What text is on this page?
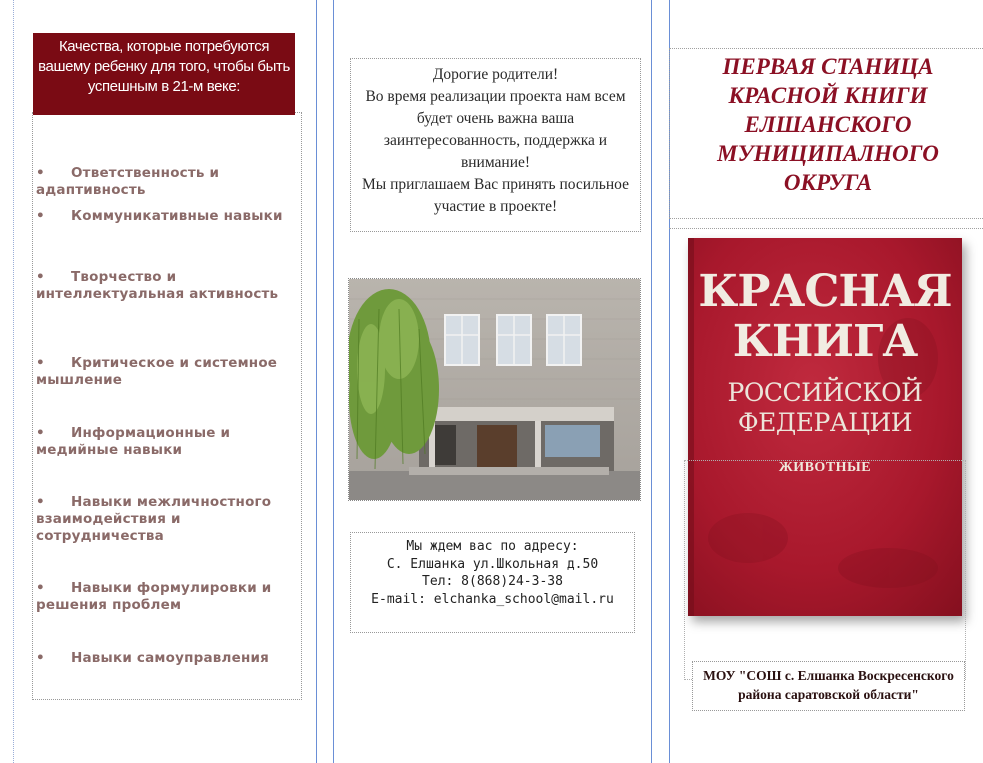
Качества, которые потребуются вашему ребенку для того, чтобы быть успешным в 21-м веке:
• Ответственность и адаптивность
• Коммуникативные навыки
• Творчество и интеллектуальная активность
• Критическое и системное мышление
• Информационные и медийные навыки
• Навыки межличностного взаимодействия и сотрудничества
• Навыки формулировки и решения проблем
• Навыки самоуправления
Дорогие родители!
Во время реализации проекта нам всем будет очень важна ваша заинтересованность, поддержка и внимание!
Мы приглашаем Вас принять посильное участие в проекте!
Мы ждем вас по адресу:
С. Елшанка ул.Школьная д.50
Тел: 8(868)24-3-38
E-mail: elchanka_school@mail.ru
ПЕРВАЯ СТАНИЦА КРАСНОЙ КНИГИ ЕЛШАНСКОГО МУНИЦИПАЛНОГО ОКРУГА
КРАСНАЯ
КНИГА
РОССИЙСКОЙ
ФЕДЕРАЦИИ
ЖИВОТНЫЕ
МОУ "СОШ с. Елшанка Воскресенского района саратовской области"
